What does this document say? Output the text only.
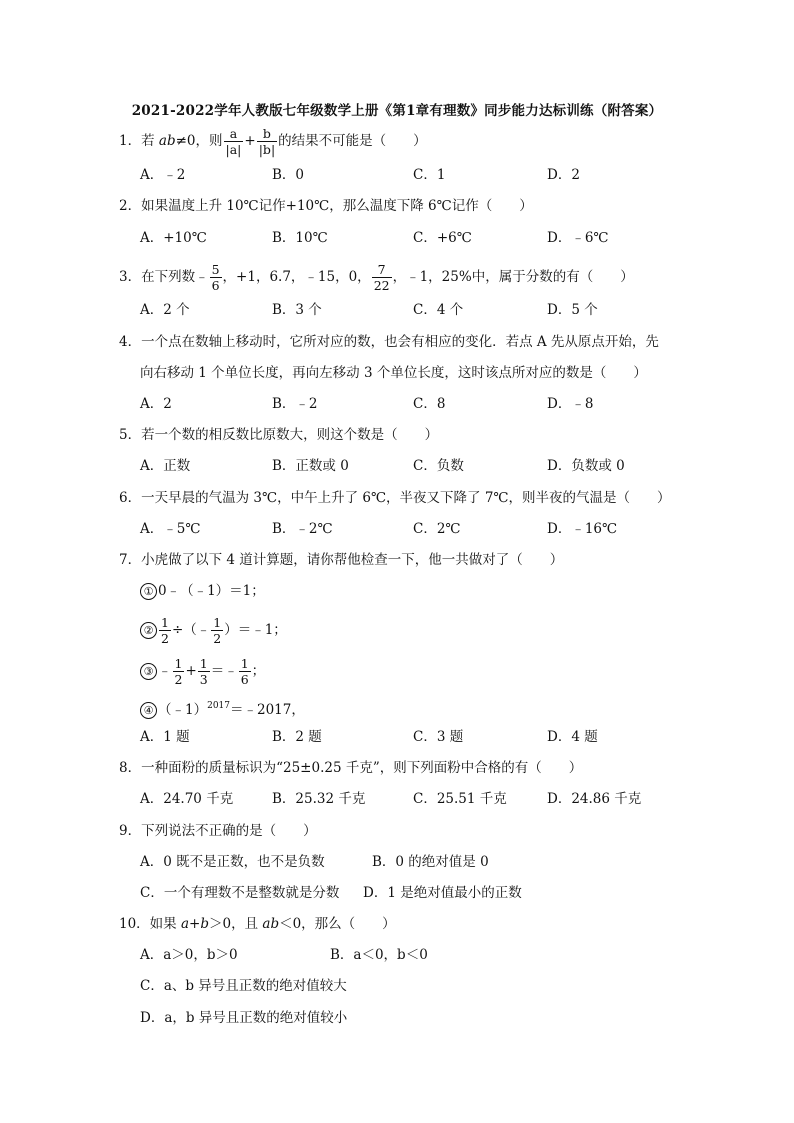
2021-2022学年人教版七年级数学上册《第1章有理数》同步能力达标训练（附答案）
1．若 ab≠0，则 a
| a | + b
| b | 的结果不可能是（　　）
A．﹣2	B．0	C．1	D．2
2．如果温度上升 10℃记作+10℃，那么温度下降 6℃记作（　　）
A．+10℃	B．10℃	C．+6℃	D．﹣6℃
3．在下列数﹣ $\frac{5}{6}$ ，+1，6.7，﹣15，0， $\frac{7}{22}$ ，﹣1，25%中，属于分数的有（　　）
A．2 个	B．3 个	C．4 个	D．5 个
4．一个点在数轴上移动时，它所对应的数，也会有相应的变化．若点 A 先从原点开始，先
向右移动 1 个单位长度，再向左移动 3 个单位长度，这时该点所对应的数是（　　）
A．2	B．﹣2	C．8	D．﹣8
5．若一个数的相反数比原数大，则这个数是（　　）
A．正数	B．正数或 0	C．负数	D．负数或 0
6．一天早晨的气温为 3℃，中午上升了 6℃，半夜又下降了 7℃，则半夜的气温是（　　）
A．﹣5℃	B．﹣2℃	C．2℃	D．﹣16℃
7．小虎做了以下 4 道计算题，请你帮他检查一下，他一共做对了（　　）
① 0﹣（﹣1）＝1；
② $\frac{1}{2}$ ÷（﹣ $\frac{1}{2}$ ）＝﹣1；
③ ﹣ $\frac{1}{2} + \frac{1}{3}$ ＝﹣ $\frac{1}{6}$ ；
④ （﹣1）$^{2017}$＝﹣2017，
A．1 题	B．2 题	C．3 题	D．4 题
8．一种面粉的质量标识为“25±0.25 千克”，则下列面粉中合格的有（　　）
A．24.70 千克	B．25.32 千克	C．25.51 千克	D．24.86 千克
9．下列说法不正确的是（　　）
A．0 既不是正数，也不是负数	B．0 的绝对值是 0
C．一个有理数不是整数就是分数 D．1 是绝对值最小的正数
10．如果 a+b＞0，且 ab＜0，那么（　　）
A．a＞0，b＞0	B．a＜0，b＜0
C．a、b 异号且正数的绝对值较大
D．a，b 异号且正数的绝对值较小
